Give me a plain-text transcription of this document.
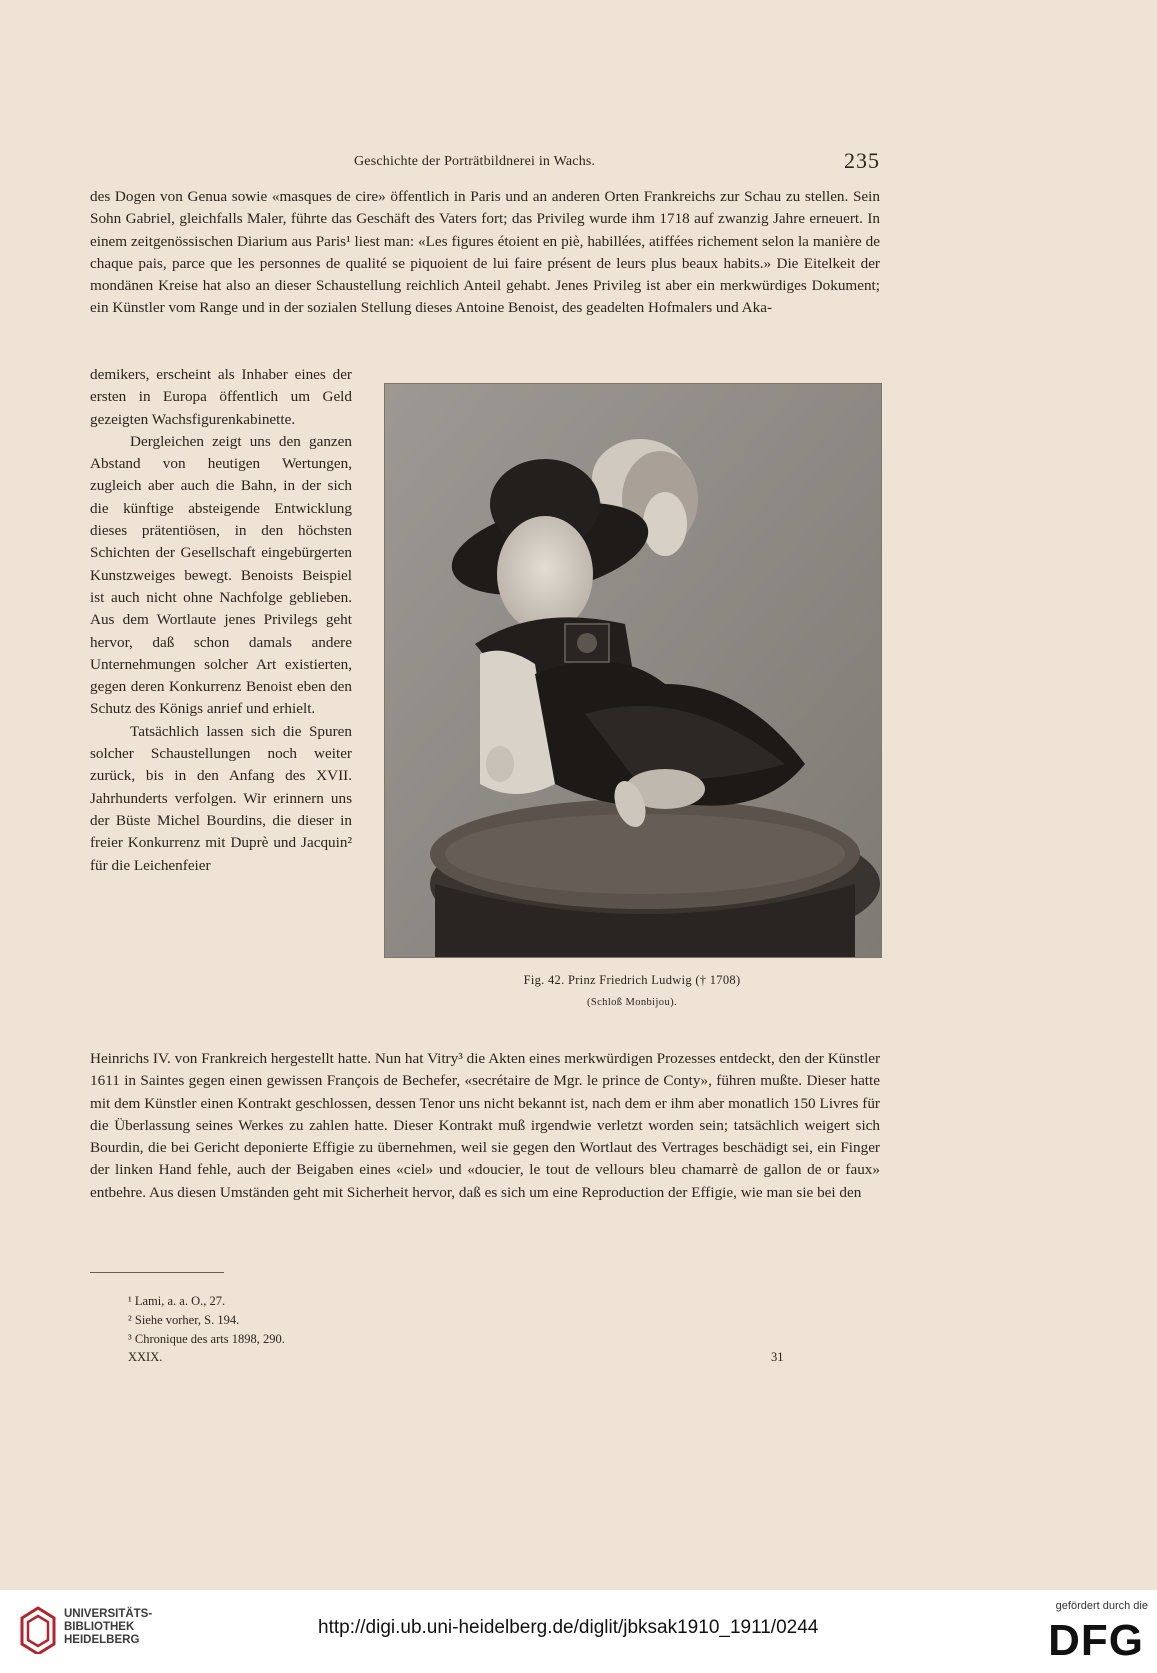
Geschichte der Porträtbildnerei in Wachs.	235

des Dogen von Genua sowie «masques de cire» öffentlich in Paris und an anderen Orten Frankreichs zur Schau zu stellen. Sein Sohn Gabriel, gleichfalls Maler, führte das Geschäft des Vaters fort; das Privileg wurde ihm 1718 auf zwanzig Jahre erneuert. In einem zeitgenössischen Diarium aus Paris¹ liest man: «Les figures étoient en piè, habillées, atiffées richement selon la manière de chaque pais, parce que les personnes de qualité se piquoient de lui faire présent de leurs plus beaux habits.» Die Eitelkeit der mondänen Kreise hat also an dieser Schaustellung reichlich Anteil gehabt. Jenes Privileg ist aber ein merkwürdiges Dokument; ein Künstler vom Range und in der sozialen Stellung dieses Antoine Benoist, des geadelten Hofmalers und Aka-

demikers, erscheint als Inhaber eines der ersten in Europa öffentlich um Geld gezeigten Wachsfigurenkabinette.

Dergleichen zeigt uns den ganzen Abstand von heutigen Wertungen, zugleich aber auch die Bahn, in der sich die künftige absteigende Entwicklung dieses prätentiösen, in den höchsten Schichten der Gesellschaft eingebürgerten Kunstzweiges bewegt. Benoists Beispiel ist auch nicht ohne Nachfolge geblieben. Aus dem Wortlaute jenes Privilegs geht hervor, daß schon damals andere Unternehmungen solcher Art existierten, gegen deren Konkurrenz Benoist eben den Schutz des Königs anrief und erhielt.

Tatsächlich lassen sich die Spuren solcher Schaustellungen noch weiter zurück, bis in den Anfang des XVII. Jahrhunderts verfolgen. Wir erinnern uns der Büste Michel Bourdins, die dieser in freier Konkurrenz mit Duprè und Jacquin² für die Leichenfeier

Fig. 42. Prinz Friedrich Ludwig († 1708)
(Schloß Monbijou).

Heinrichs IV. von Frankreich hergestellt hatte. Nun hat Vitry³ die Akten eines merkwürdigen Prozesses entdeckt, den der Künstler 1611 in Saintes gegen einen gewissen François de Bechefer, «secrétaire de Mgr. le prince de Conty», führen mußte. Dieser hatte mit dem Künstler einen Kontrakt geschlossen, dessen Tenor uns nicht bekannt ist, nach dem er ihm aber monatlich 150 Livres für die Überlassung seines Werkes zu zahlen hatte. Dieser Kontrakt muß irgendwie verletzt worden sein; tatsächlich weigert sich Bourdin, die bei Gericht deponierte Effigie zu übernehmen, weil sie gegen den Wortlaut des Vertrages beschädigt sei, ein Finger der linken Hand fehle, auch der Beigaben eines «ciel» und «doucier, le tout de vellours bleu chamarrè de gallon de or faux» entbehre. Aus diesen Umständen geht mit Sicherheit hervor, daß es sich um eine Reproduction der Effigie, wie man sie bei den

¹ Lami, a. a. O., 27.
² Siehe vorher, S. 194.
³ Chronique des arts 1898, 290.
XXIX.	31
UNIVERSITÄTS-
BIBLIOTHEK
HEIDELBERG
http://digi.ub.uni-heidelberg.de/diglit/jbksak1910_1911/0244
gefördert durch die
DFG
